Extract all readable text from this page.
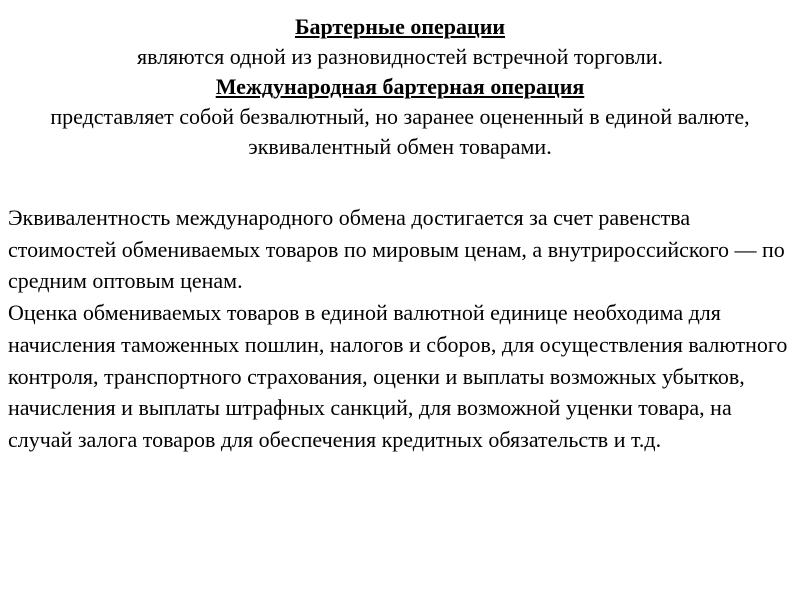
Бартерные операции

являются одной из разновидностей встречной торговли.

Международная бартерная операция

представляет собой безвалютный, но заранее оцененный в единой валюте, эквивалентный обмен товарами.

Эквивалентность международного обмена достигается за счет равенства стоимостей обмениваемых товаров по мировым ценам, а внутрироссийского — по средним оптовым ценам.

Оценка обмениваемых товаров в единой валютной единице необходима для начисления таможенных пошлин, налогов и сборов, для осуществления валютного контроля, транспортного страхования, оценки и выплаты возможных убытков, начисления и выплаты штрафных санкций, для возможной уценки товара, на случай залога товаров для обеспечения кредитных обязательств и т.д.
